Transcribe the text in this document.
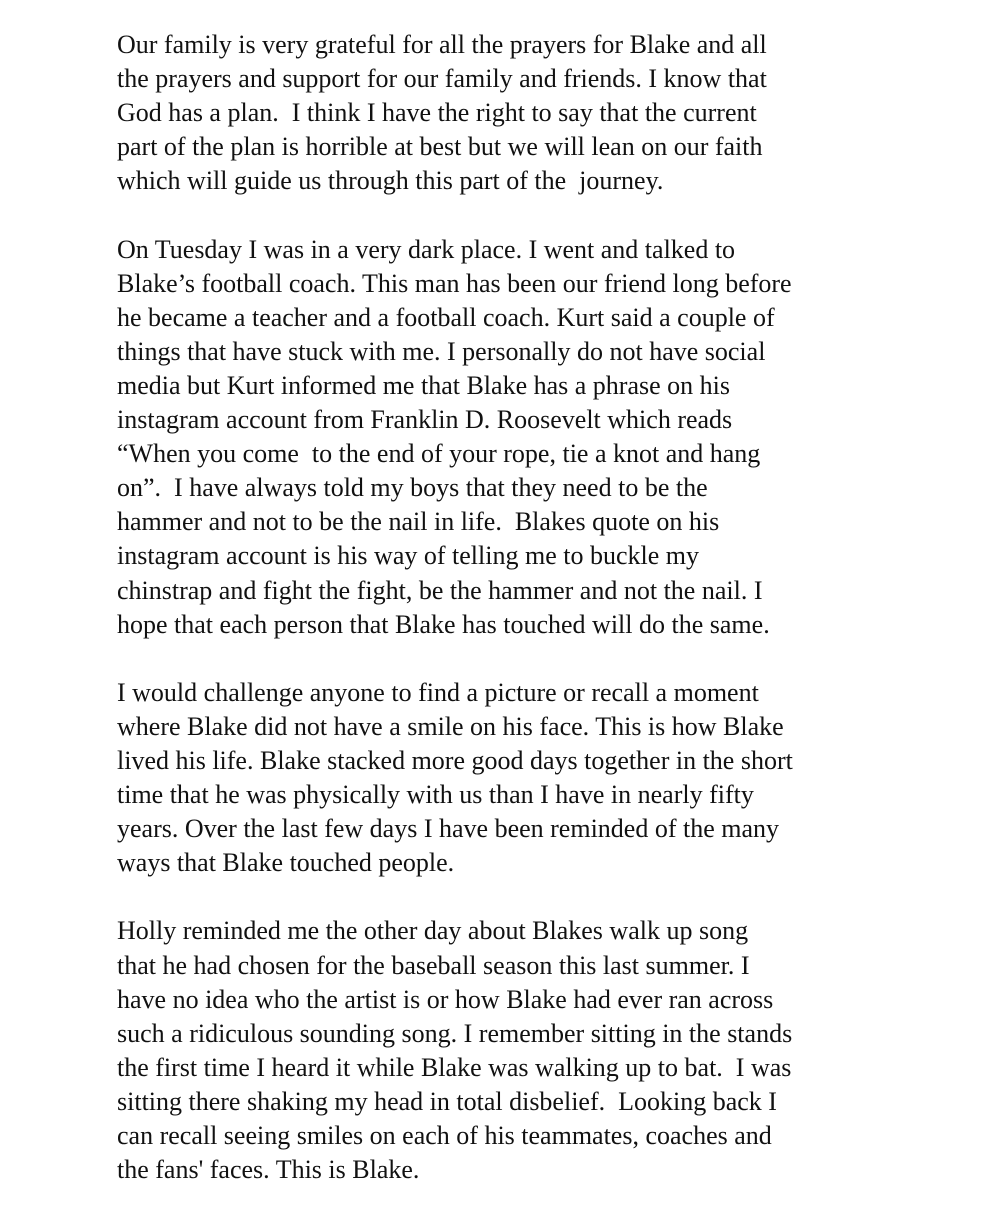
Our family is very grateful for all the prayers for Blake and all
the prayers and support for our family and friends. I know that
God has a plan.  I think I have the right to say that the current
part of the plan is horrible at best but we will lean on our faith
which will guide us through this part of the  journey.
On Tuesday I was in a very dark place. I went and talked to
Blake’s football coach. This man has been our friend long before
he became a teacher and a football coach. Kurt said a couple of
things that have stuck with me. I personally do not have social
media but Kurt informed me that Blake has a phrase on his
instagram account from Franklin D. Roosevelt which reads
“When you come  to the end of your rope, tie a knot and hang
on”.  I have always told my boys that they need to be the
hammer and not to be the nail in life.  Blakes quote on his
instagram account is his way of telling me to buckle my
chinstrap and fight the fight, be the hammer and not the nail. I
hope that each person that Blake has touched will do the same.
I would challenge anyone to find a picture or recall a moment
where Blake did not have a smile on his face. This is how Blake
lived his life. Blake stacked more good days together in the short
time that he was physically with us than I have in nearly fifty
years. Over the last few days I have been reminded of the many
ways that Blake touched people.
Holly reminded me the other day about Blakes walk up song
that he had chosen for the baseball season this last summer. I
have no idea who the artist is or how Blake had ever ran across
such a ridiculous sounding song. I remember sitting in the stands
the first time I heard it while Blake was walking up to bat.  I was
sitting there shaking my head in total disbelief.  Looking back I
can recall seeing smiles on each of his teammates, coaches and
the fans' faces. This is Blake.
